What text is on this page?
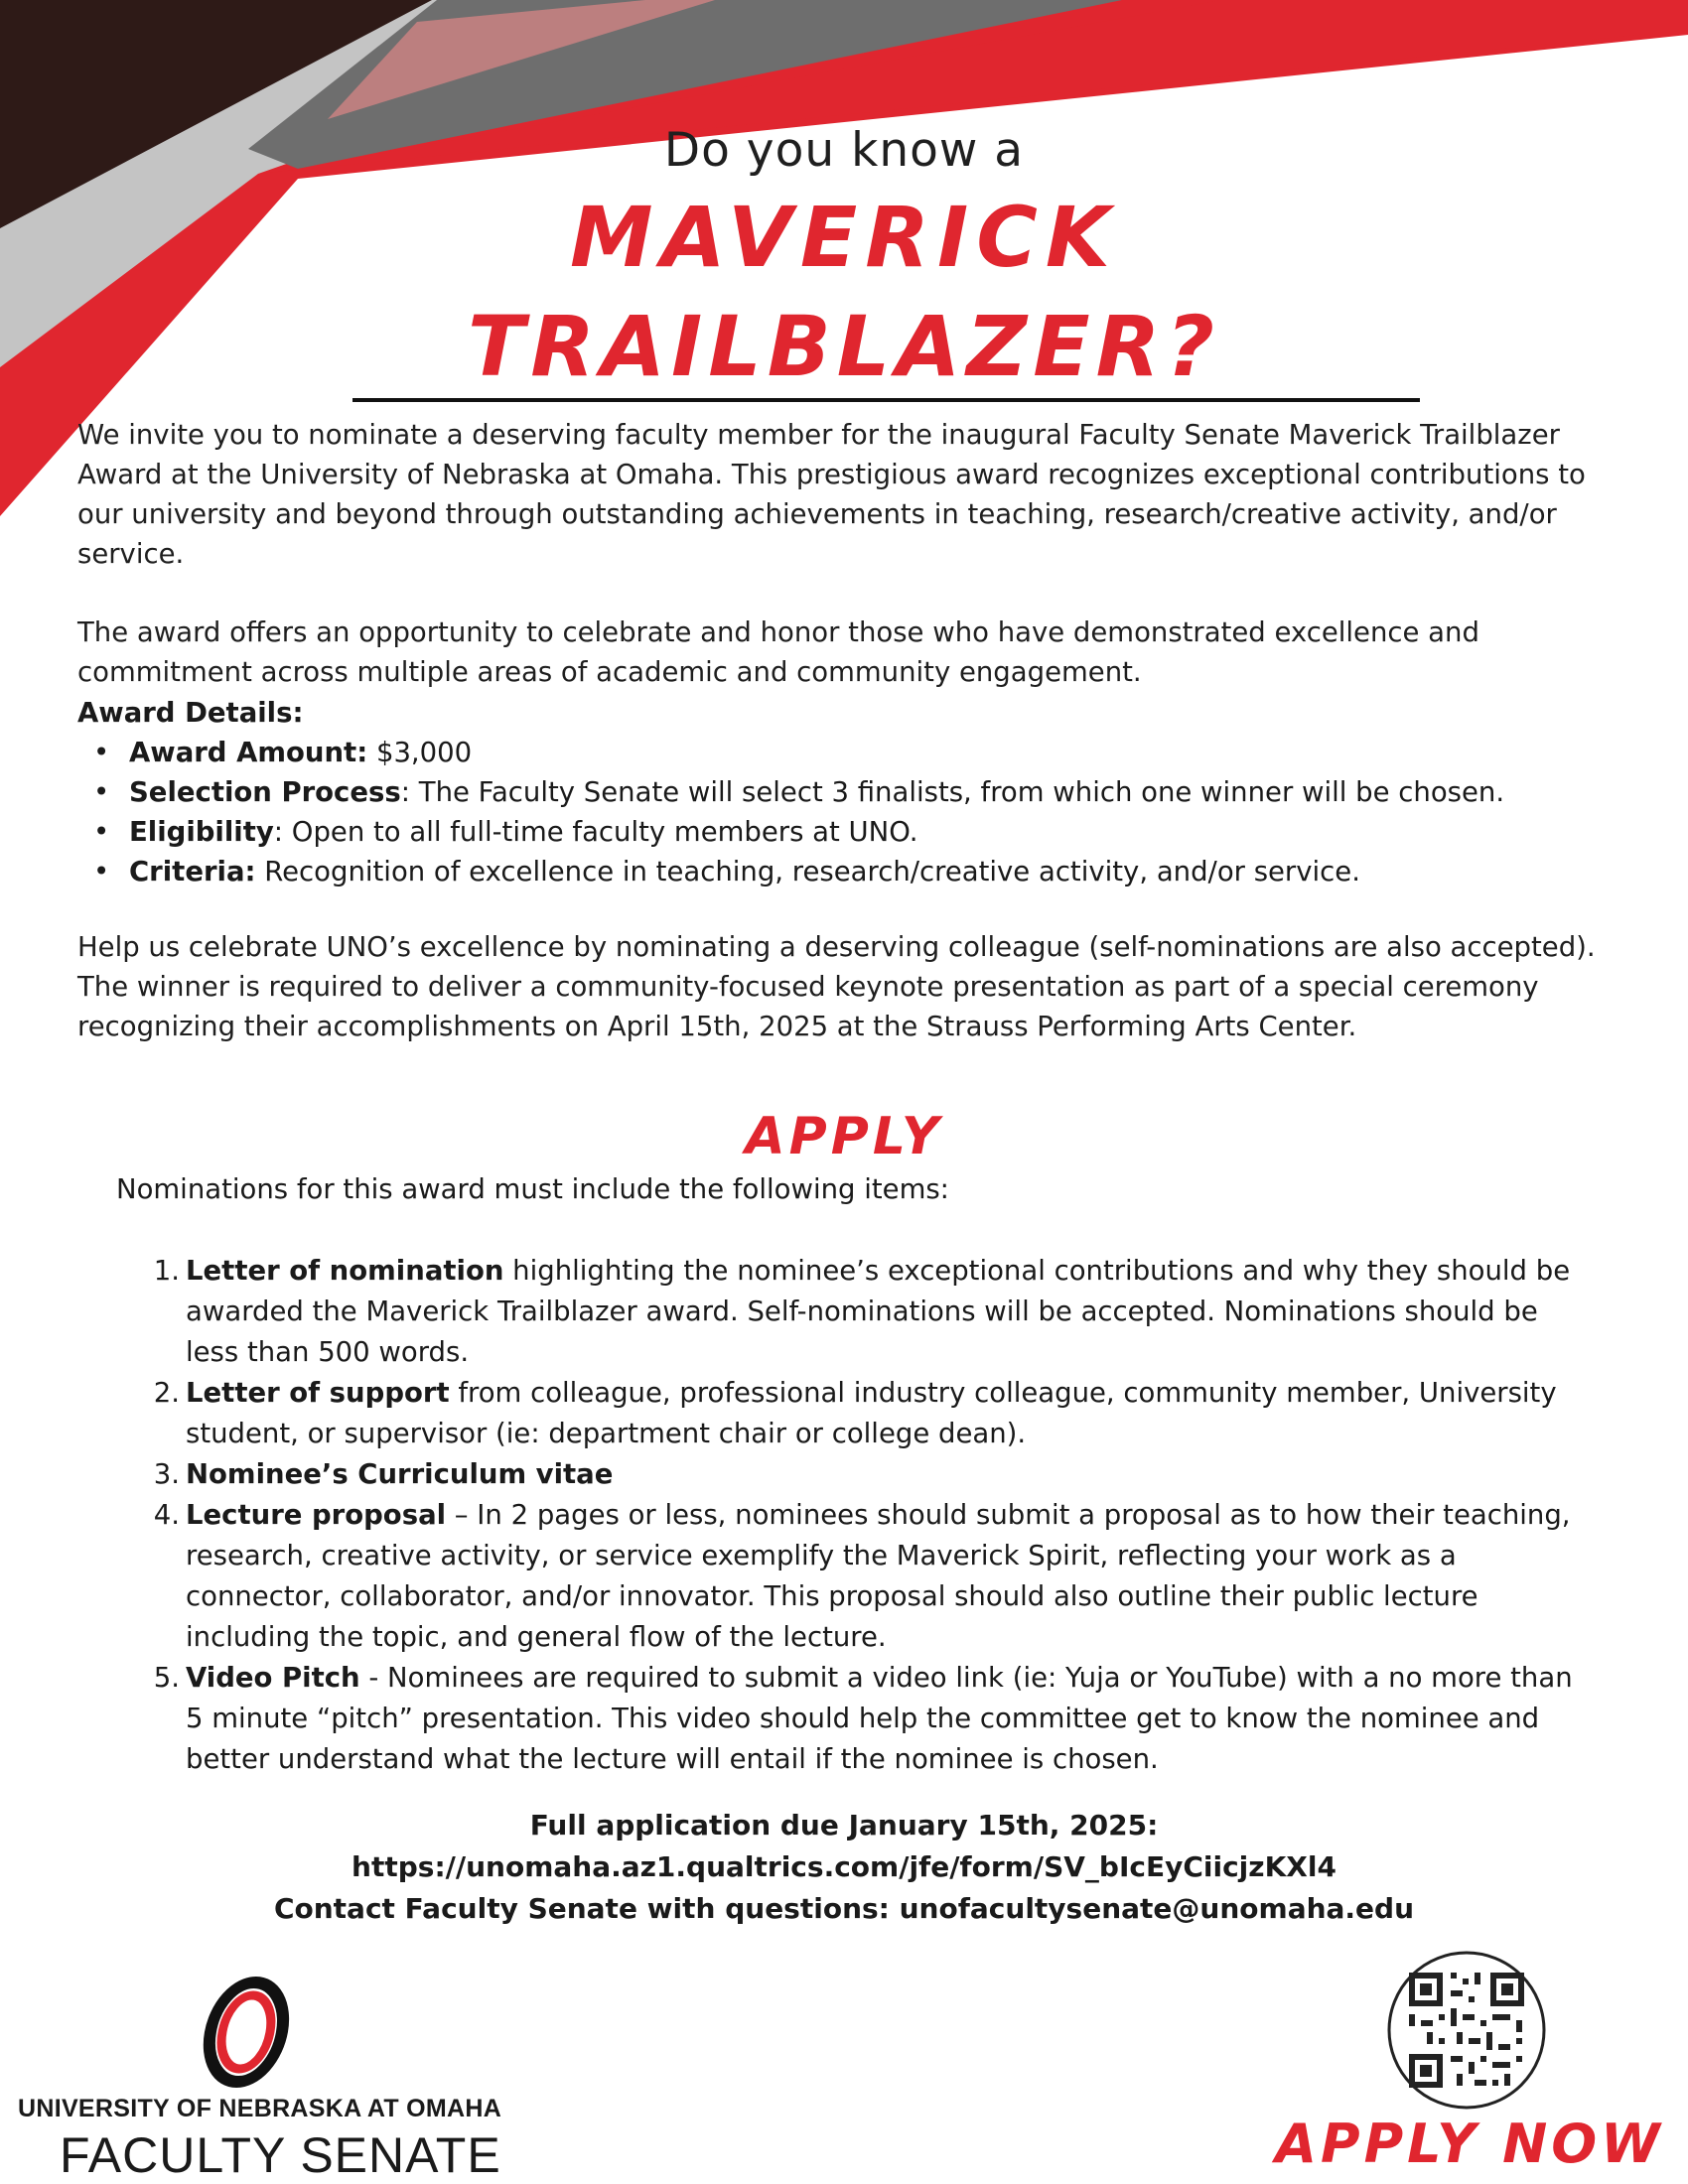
Do you know a
MAVERICK
TRAILBLAZER?
We invite you to nominate a deserving faculty member for the inaugural Faculty Senate Maverick Trailblazer Award at the University of Nebraska at Omaha. This prestigious award recognizes exceptional contributions to our university and beyond through outstanding achievements in teaching, research/creative activity, and/or service.
The award offers an opportunity to celebrate and honor those who have demonstrated excellence and commitment across multiple areas of academic and community engagement.
Award Details:
• Award Amount: $3,000
• Selection Process: The Faculty Senate will select 3 finalists, from which one winner will be chosen.
• Eligibility: Open to all full-time faculty members at UNO.
• Criteria: Recognition of excellence in teaching, research/creative activity, and/or service.
Help us celebrate UNO’s excellence by nominating a deserving colleague (self-nominations are also accepted). The winner is required to deliver a community-focused keynote presentation as part of a special ceremony recognizing their accomplishments on April 15th, 2025 at the Strauss Performing Arts Center.
APPLY
Nominations for this award must include the following items:
1. Letter of nomination highlighting the nominee’s exceptional contributions and why they should be awarded the Maverick Trailblazer award. Self-nominations will be accepted. Nominations should be less than 500 words.
2. Letter of support from colleague, professional industry colleague, community member, University student, or supervisor (ie: department chair or college dean).
3. Nominee’s Curriculum vitae
4. Lecture proposal – In 2 pages or less, nominees should submit a proposal as to how their teaching, research, creative activity, or service exemplify the Maverick Spirit, reflecting your work as a connector, collaborator, and/or innovator. This proposal should also outline their public lecture including the topic, and general flow of the lecture.
5. Video Pitch - Nominees are required to submit a video link (ie: Yuja or YouTube) with a no more than 5 minute “pitch” presentation. This video should help the committee get to know the nominee and better understand what the lecture will entail if the nominee is chosen.
Full application due January 15th, 2025:
https://unomaha.az1.qualtrics.com/jfe/form/SV_bIcEyCiicjzKXl4
Contact Faculty Senate with questions: unofacultysenate@unomaha.edu
UNIVERSITY OF NEBRASKA AT OMAHA
FACULTY SENATE	APPLY NOW
